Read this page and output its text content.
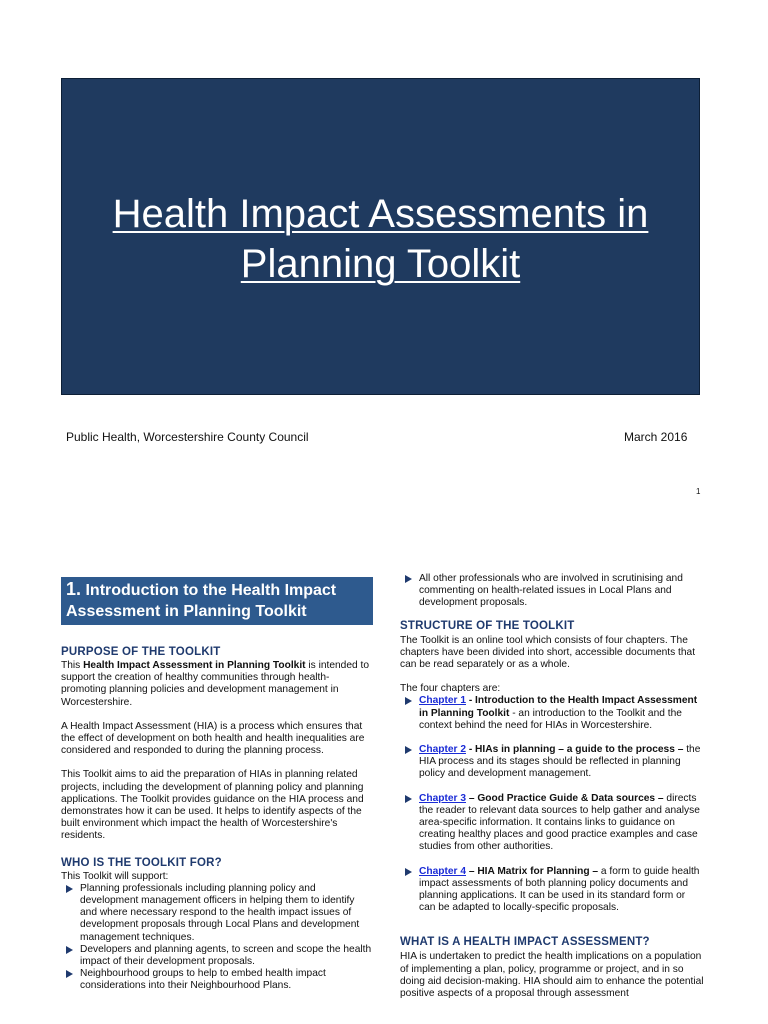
Health Impact Assessments in
Planning Toolkit
Public Health, Worcestershire County Council	March 2016
1
1. Introduction to the Health Impact Assessment in Planning Toolkit
PURPOSE OF THE TOOLKIT

This Health Impact Assessment in Planning Toolkit is intended to support the creation of healthy communities through health-promoting planning policies and development management in Worcestershire.

A Health Impact Assessment (HIA) is a process which ensures that the effect of development on both health and health inequalities are considered and responded to during the planning process.

This Toolkit aims to aid the preparation of HIAs in planning related projects, including the development of planning policy and planning applications. The Toolkit provides guidance on the HIA process and demonstrates how it can be used. It helps to identify aspects of the built environment which impact the health of Worcestershire's residents.

WHO IS THE TOOLKIT FOR?

This Toolkit will support:

Planning professionals including planning policy and development management officers in helping them to identify and where necessary respond to the health impact issues of development proposals through Local Plans and development management techniques.
Developers and planning agents, to screen and scope the health impact of their development proposals.
Neighbourhood groups to help to embed health impact considerations into their Neighbourhood Plans.
All other professionals who are involved in scrutinising and commenting on health-related issues in Local Plans and development proposals.
STRUCTURE OF THE TOOLKIT

The Toolkit is an online tool which consists of four chapters. The chapters have been divided into short, accessible documents that can be read separately or as a whole.

The four chapters are:

Chapter 1 - Introduction to the Health Impact Assessment in Planning Toolkit - an introduction to the Toolkit and the context behind the need for HIAs in Worcestershire.
Chapter 2 - HIAs in planning – a guide to the process – the HIA process and its stages should be reflected in planning policy and development management.
Chapter 3 – Good Practice Guide & Data sources – directs the reader to relevant data sources to help gather and analyse area-specific information. It contains links to guidance on creating healthy places and good practice examples and case studies from other authorities.
Chapter 4 – HIA Matrix for Planning – a form to guide health impact assessments of both planning policy documents and planning applications. It can be used in its standard form or can be adapted to locally-specific proposals.
WHAT IS A HEALTH IMPACT ASSESSMENT?

HIA is undertaken to predict the health implications on a population of implementing a plan, policy, programme or project, and in so doing aid decision-making. HIA should aim to enhance the potential positive aspects of a proposal through assessment
